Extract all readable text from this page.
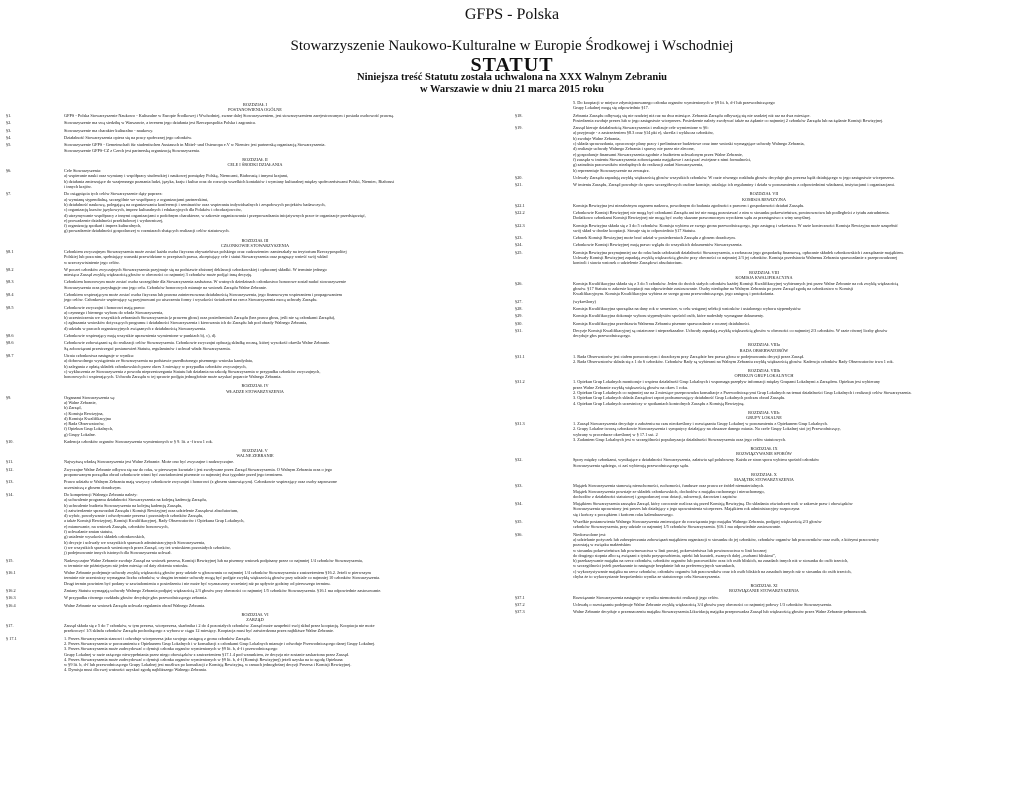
GFPS - Polska
Stowarzyszenie Naukowo-Kulturalne w Europie Środkowej i Wschodniej
STATUT
Niniejsza treść Statutu została uchwalona na XXX Walnym Zebraniu
w Warszawie w dniu 21 marca 2015 roku
ROZDZIAŁ I
POSTANOWIENIA OGÓLNE
§1.	GFPS - Polska Stowarzyszenie Naukowo - Kulturalne w Europie Środkowej i Wschodniej, zwane dalej Stowarzyszeniem, jest stowarzyszeniem zarejestrowanym i posiada osobowość prawną.
§2.	Stowarzyszenie ma swą siedzibę w Warszawie, a terenem jego działania jest Rzeczpospolita Polska i zagranica.
§3.	Stowarzyszenie ma charakter kulturalno - naukowy.
§4.	Działalność Stowarzyszenia opiera się na pracy społecznej jego członków.
§5.	Stowarzyszenie GFPS - Gemeinschaft für studentischen Austausch in Mittel- und Osteuropa e.V w Niemiec jest partnerską organizacją Stowarzyszenia.
Stowarzyszenie GFPS-CZ z Czech jest partnerską organizacją Stowarzyszenia.
ROZDZIAŁ II
CELE I ŚRODKI DZIAŁANIA
§6.	Cele Stowarzyszenia:
a) wspieranie nauki oraz wymiany i współpracy studenckiej i naukowej pomiędzy Polską, Niemcami, Białorusią i innymi krajami,
b) działania zmierzające do wzajemnego poznania ludzi, języka, kraju i kultur oraz do rozwoju wszelkich kontaktów i wymiany kulturalnej między społeczeństwami Polski, Niemiec, Białorusi
i innych krajów.
§7.	Do osiągnięcia tych celów Stowarzyszenie dąży poprzez:
a) wymianę stypendialną, szczególnie we współpracy z organizacjami partnerskimi,
b) działalność naukową, polegającą na organizowaniu konferencji i seminariów oraz wspieraniu indywidualnych i zespołowych projektów badawczych,
c) organizację kursów językowych, imprez kulturalnych i edukacyjnych dla Polaków i obcokrajowców,
d) utrzymywanie współpracy z innymi organizacjami o podobnym charakterze, w zakresie organizowania i przeprowadzania inicjatywnych prace te organizacje przedsięwzięć,
e) prowadzenie działalności przekładowej i wydawniczej,
f) organizację spotkań i imprez kulturalnych,
g) prowadzenie działalności gospodarczej w rozmiarach służących realizacji celów statutowych.
ROZDZIAŁ III
CZŁONKOWIE STOWARZYSZENIA
§8.1	Członkiem zwyczajnym Stowarzyszenia może zostać każda osoba fizyczna obywatelstwa polskiego oraz cudzoziemiec zamieszkały na terytorium Rzeczypospolitej
Polskiej lub poza nim, spełniający warunki przewidziane w przepisach prawa, akceptujący cele i statut Stowarzyszenia oraz pragnący wnieść swój wkład
w urzeczywistnienie jego celów.
§8.2	W poczet członków zwyczajnych Stowarzyszenia przyjmuje się na podstawie złożonej deklaracji członkowskiej i opłaconej składki. W terminie jednego
miesiąca Zarząd zwykłą większością głosów w obecności co najmniej 3 członków może podjąć inną decyzję.
§8.3	Członkiem honorowym może zostać osoba szczególnie dla Stowarzyszenia zasłużona. W ważnych dziedzinach członkostwo honorowe został nadać stowarzyszenie
Stowarzyszenia oraz przysługuje ono jego celu. Członków honorowych mianuje na wniosek Zarządu Walne Zebranie.
§8.4	Członkiem wspierającym może zostać osoba fizyczna lub prawna zainteresowana działalnością Stowarzyszenia, jego finansowym wspieraniem i propagowaniem
jego celów. Członkowie wspierający są przyjmowani po uiszczeniu formy i wysokości świadczeń na rzecz Stowarzyszenia mocą uchwały Zarządu.
§8.5	Członkowie zwyczajni i honorowi mają prawo:
a) czynnego i biernego wyboru do władz Stowarzyszenia,
b) uczestniczenia we wszystkich zebraniach Stowarzyszenia (z prawem głosu) oraz posiedzeniach Zarządu (bez prawa głosu, jeśli nie są członkami Zarządu),
c) zgłaszania wniosków dotyczących programu i działalności Stowarzyszenia i kierowania ich do Zarządu lub pod obrady Walnego Zebrania,
d) udziału w pracach organizacyjnych związanych z działalnością Stowarzyszenia.
§8.6	Członkowie wspierający mają wszystkie uprawnienia wymienione w punktach b), c), d).
§8.6	Członkowie zobowiązani są do realizacji celów Stowarzyszenia. Członkowie zwyczajni opłacają składkę roczną, której wysokość określa Walne Zebranie.
Są zobowiązani przestrzegać postanowień Statutu, regulaminów i uchwał władz Stowarzyszenia.
§8.7	Utrata członkostwa następuje w wyniku:
a) dobrowolnego wystąpienia ze Stowarzyszenia na podstawie przedłożonego pisemnego wniosku kandydata,
b) zalegania z opłatą składek członkowskich przez okres 3 miesięcy w przypadku członków zwyczajnych,
c) wykluczenia ze Stowarzyszenia z powodu nieprzestrzegania Statutu lub działania na szkodę Stowarzyszenia w przypadku członków zwyczajnych,
honorowych i wspierających. Uchwała Zarządu w tej sprawie podjęta jednogłośnie może uzyskać poparcie Walnego Zebrania.
ROZDZIAŁ IV
WŁADZE STOWARZYSZENIA
§9.	Organami Stowarzyszenia są:
a) Walne Zebranie,
b) Zarząd,
c) Komisja Rewizyjna,
d) Komisja Kwalifikacyjna
e) Rada Obserwatorów,
f) Opiekun Grup Lokalnych,
g) Grupy Lokalne.
§10.	Kadencja członków organów Stowarzyszenia wymienionych w § 9. lit. a -f trwa 1 rok.
ROZDZIAŁ V
WALNE ZEBRANIE
§11.	Najwyższą władzą Stowarzyszenia jest Walne Zebranie. Może ono być zwyczajne i nadzwyczajne.
§12.	Zwyczajne Walne Zebranie odbywa się raz do roku, w pierwszym kwartale i jest zwoływane przez Zarząd Stowarzyszenia. O Walnym Zebraniu oraz o jego
proponowanym porządku obrad członkowie winni być zawiadomieni pisemnie co najmniej dwa tygodnie przed jego terminem.
§13.	Prawo udziału w Walnym Zebraniu mają wszyscy członkowie zwyczajni i honorowi (z głosem stanowiącym). Członkowie wspierający oraz osoby zaproszone
uczestniczą z głosem doradczym.
§14.	Do kompetencji Walnego Zebrania należy:
a) uchwalenie programu działalności Stowarzyszenia na kolejną kadencję Zarządu,
b) uchwalenie budżetu Stowarzyszenia na kolejną kadencję Zarządu,
c) zatwierdzenie sprawozdań Zarządu i Komisji Rewizyjnej oraz udzielenie Zarządowi absolutorium,
d) wybór, powoływanie i odwoływanie prezesa i pozostałych członków Zarządu,
a także Komisji Rewizyjnej, Komisji Kwalifikacyjnej, Rady Obserwatorów i Opiekuna Grup Lokalnych,
e) mianowanie, na wniosek Zarządu, członków honorowych,
f) uchwalanie zmian statutu,
g) ustalenie wysokości składek członkowskich,
h) decyzje i uchwały we wszystkich sprawach administracyjnych Stowarzyszenia,
i) we wszystkich sprawach wniesionych przez Zarząd, czy też wnioskiem pozostałych członków,
j) podejmowanie innych istotnych dla Stowarzyszenia uchwał.
§15.	Nadzwyczajne Walne Zebranie zwołuje Zarząd na wniosek prezesa, Komisji Rewizyjnej lub na pisemny wniosek podpisany przez co najmniej 1/4 członków Stowarzyszenia,
w terminie nie późniejszym niż jeden miesiąc od daty złożenia wniosku.
§16.1	Walne Zebranie podejmuje uchwały zwykłą większością głosów przy udziale w głosowaniu co najmniej 1/4 członków Stowarzyszenia z zastrzeżeniem §16.2. Jeżeli w pierwszym
terminie nie uczestniczy wymagana liczba członków, w drugim terminie uchwały mogą być podjęte zwykłą większością głosów przy udziale co najmniej 10 członków Stowarzyszenia.
Drugi termin powinien być podany w zawiadomieniu o posiedzeniu i nie może być wyznaczony wcześniej niż po upływie godziny od pierwszego terminu.
§16.2	Zmiany Statutu wymagają uchwały Walnego Zebrania podjętej większością 2/3 głosów przy obecności co najmniej 1/5 członków Stowarzyszenia. §16.1 ma odpowiednie zastosowanie.
§16.3	W przypadku równego rozkładu głosów decyduje głos przewodniczącego zebrania.
§16.4	Walne Zebranie na wniosek Zarządu uchwala regulamin obrad Walnego Zebrania.
ROZDZIAŁ VI
ZARZĄD
§17.	Zarząd składa się z 5 do 7 członków, w tym prezesa, wiceprezesa, skarbnika i 2 do 4 pozostałych członków. Zarząd może uzupełnić swój skład przez kooptację. Kooptacja nie może
przekroczyć 1/3 składu członków Zarządu pochodzącego z wyboru w ciągu 12 miesięcy. Kooptacja musi być zatwierdzona przez najbliższe Walne Zebranie.
§ 17.1	1. Prezes Stowarzyszenia stanowi i odwołuje wiceprezesa jako swojego zastępcę z grona członków Zarządu.
2. Prezes Stowarzyszenia w porozumieniu z Opiekunem Grup Lokalnych i w konsultacji z członkami Grup Lokalnych mianuje i odwołuje Przewodniczącego danej Grupy Lokalnej.
3. Prezes Stowarzyszenia może zadecydować o dymisji członka organów wymienionych w §9 lit. b, d-f i przewodniczącego
Grupy Lokalnej w razie rażącego niewypełniania przez niego obowiązków z zastrzeżeniem §17.1.4 pod warunkiem, że decyzja nie zostanie zaskarżona przez Zarząd.
4. Prezes Stowarzyszenia może zadecydować o dymisji członka organów wymienionych w §9 lit. b, d-f (Komisji Rewizyjnej) jeżeli uzyska na to zgodę Opiekuna
w §9 lit. b, d-f lub przewodniczącego Grupy Lokalnej jest możliwa po konsultacji z Komisją Rewizyjną, w ramach jednogłośnej decyzji Prezesa i Komisji Rewizyjnej.
4. Dymisja musi dla swej ważności uzyskać zgodę najbliższego Walnego Zebrania.
5. Do kooptacji w miejsce zdymisjonowanego członka organów wymienionych w §9 lit. b, d-f lub przewodniczącego
Grupy Lokalnej mogą się odpowiednio §17.
§18.	Zebrania Zarządu odbywają się nie rzadziej niż raz na dwa miesiące. Zebrania Zarządu odbywają się nie rzadziej niż raz na dwa miesiące.
Posiedzenia zwołuje prezes lub w jego zastępstwie wiceprezes. Posiedzenie należy zwoływać także na żądanie co najmniej 2 członków Zarządu lub na żądanie Komisji Rewizyjnej.
§19.	Zarząd kieruje działalnością Stowarzyszenia i realizuje cele wymienione w §6:
a) przyjmuje - z zastrzeżeniem §8.3 oraz §14 pkt e), skreśla i wyklucza członków,
b) zwołuje Walne Zebrania,
c) składa sprawozdania, opracowuje plany pracy i preliminarze budżetowe oraz inne wnioski wymagające uchwały Walnego Zebrania,
d) realizuje uchwały Walnego Zebrania i sprawy nie przez nie zlecone,
e) gospodaruje finansami Stowarzyszenia zgodnie z budżetem uchwalonym przez Walne Zebranie,
f) zarząda w imieniu Stowarzyszenia zobowiązania majątkowe i zaciąwać zwiejane z nimi formalności,
g) zatrudnia pracowników niezbędnych do realizacji zadań Stowarzyszenia,
h) reprezentuje Stowarzyszenie na zewnątrz.
§20.	Uchwały Zarządu zapadają zwykłą większością głosów wszystkich członków. W razie równego rozkładu głosów decyduje głos prezesa bądź działającego w jego zastępstwie wiceprezesa.
§21.	W imieniu Zarządu, Zarząd powołuje do spraw szczegółowych osobne komisje, ustalając ich regulaminy i działa w porozumieniu z odpowiednimi władzami, instytucjami i organizacjami.
ROZDZIAŁ VII
KOMISJA REWIZYJNA
§22.1	Komisja Rewizyjna jest niezależnym organem nadzoru, powołanym do badania zgodności z prawem i gospodarności działań Zarządu.
§22.2	Członkowie Komisji Rewizyjnej nie mogą być członkami Zarządu ani też nie mogą pozostawać z nim w stosunku pokrewieństwa, powinowactwa lub podległości z tytułu zatrudnienia.
Dodatkowo członkami Komisji Rewizyjnej nie mogą być osoby skazane prawomocnym wyrokiem sądu za przestępstwo z winy umyślnej.
§22.3	Komisja Rewizyjna składa się z 3 do 5 członków. Komisja wybiera ze swego grona przewodniczącego, jego zastępcę i sekretarza. W razie konieczności Komisja Rewizyjna może uzupełnić
swój skład w drodze kooptacji. Stosuje się to odpowiednio §17 Statutu.
§23.	Członek Komisji Rewizyjnej może brać udział w posiedzeniach Zarządu z głosem doradczym.
§24.	Członkowie Komisji Rewizyjnej mają prawo wglądu do wszystkich dokumentów Stowarzyszenia.
§25.	Komisja Rewizyjna przynajmniej raz do roku bada całokształt działalności Stowarzyszenia, a zwłaszcza jego gospodarkę finansową, opłacanie składek członkowskich i zarządzanie majątkiem.
Uchwały Komisji Rewizyjnej zapadają zwykłą większością głosów przy obecności co najmniej 2/3 jej członków. Komisja przedstawia Walnemu Zebraniu sprawozdanie z przeprowadzonej
kontroli i stawia wniosek o udzielenie Zarządowi absolutorium.
ROZDZIAŁ VIII
KOMISJA KWALIFIKACYJNA
§26.	Komisja Kwalifikacyjna składa się z 3 do 5 członków. Jeden do dwóch stałych członków każdej Komisji Kwalifikacyjnej wybieranych jest przez Walne Zebranie na rok zwykłą większością
głosów. §17 Statutu w zakresie kooptacji ma odpowiednie zastosowanie. Osoby niezbędne na Walnym Zebraniu po przez Zarząd zgodę na członkostwo w Komisji
Kwalifikacyjnym. Komisja Kwalifikacyjna wybiera ze swego grona przewodniczącego, jego zastępcę i protokolanta.
§27.	(wykreślony)
§28.	Komisja Kwalifikacyjna sporządza na dany rok w semestrze, w celu wstępnej selekcji wniosków i ustalonego wyboru stypendystów.
§29.	Komisja Kwalifikacyjna dokonuje wyboru stypendystów spośród osób, które nadesłały wymagane dokumenty.
§30.	Komisja Kwalifikacyjna przedstawia Walnemu Zebraniu pisemne sprawozdanie z rocznej działalności.
§31.	Decyzje Komisji Kwalifikacyjnej są ostateczne i nieprzekazalne. Uchwały zapadają zwykłą większością głosów w obecności co najmniej 2/3 członków. W razie równej liczby głosów
decyduje głos przewodniczącego.
ROZDZIAŁ VIIIa
RADA OBSERWATORÓW
§31.1	1. Rada Obserwatorów jest ciałem pomocniczym i doradczym przy Zarządzie bez prawa głosu w podejmowaniu decyzji przez Zarząd.
2. Rada Obserwatorów składa się z 1 do 6 członków. Członków Rady są wybierani na Walnym Zebraniu zwykłą większością głosów. Kadencja członków Rady Obserwatorów trwa 1 rok.
ROZDZIAŁ VIIIb
OPIEKUN GRUP LOKALNYCH
§31.2	1. Opiekun Grup Lokalnych monitoruje i wspiera działalność Grup Lokalnych i wspomaga przepływ informacji między Grupami Lokalnymi a Zarządem. Opiekun jest wybierany
przez Walne Zebranie zwykłą większością głosów na okres 1 roku.
2. Opiekun Grup Lokalnych co najmniej raz na 2 miesiące przeprowadza konsultacje z Przewodniczącymi Grup Lokalnych na temat działalności Grup Lokalnych i realizacji celów Stowarzyszenia.
3. Opiekun Grup Lokalnych składa Zarządowi raport podsumowujący działalność Grup Lokalnych podczas obrad Zarządu.
4. Opiekun Grup Lokalnych uczestniczy w spotkaniach kontrolnych Zarządu z Komisją Rewizyjną.
ROZDZIAŁ VIIIc
GRUPY LOKALNE
§31.3	1. Zarząd Stowarzyszenia decyduje o założeniu na czas nieokreślony i rozwiązaniu Grupy Lokalnej w porozumieniu z Opiekunem Grup Lokalnych.
2. Grupy Lokalne tworzą członkowie Stowarzyszenia i sympatycy działający na obszarze danego miasta. Na czele Grupy Lokalnej stoi jej Przewodniczący,
wybrany w procedurze określonej w § 17.1 ust. 2
3. Zadaniem Grup Lokalnych jest w szczególności popularyzacja działalności Stowarzyszenia oraz jego celów statutowych.
ROZDZIAŁ IX
ROZWIĄZYWANIE SPORÓW
§32.	Spory między członkami, wynikające z działalności Stowarzyszenia, załatwia sąd polubowny. Każda ze stron sporu wybiera spośród członków
Stowarzyszenia sędziego, ci zaś wybierają przewodniczącego sądu.
ROZDZIAŁ X
MAJĄTEK STOWARZYSZENIA
§33.	Majątek Stowarzyszenia stanowią nieruchomości, ruchomości, fundusze oraz prawa ze źródeł niematerialnych.
Majątek Stowarzyszenia powstaje ze składek członkowskich, dochodów z majątku ruchomego i nieruchomego,
dochodów z działalności statutowej i gospodarczej oraz dotacji, subwencji, darowizn i zapisów.
§34.	Majątkiem Stowarzyszenia zarządza Zarząd, który corocznie rozlicza się przed Komisją Rewizyjną. Do składania oświadczeń woli w zakresie praw i obowiązków
Stowarzyszenia uprawniony jest prezes lub działający z jego upoważnienia wiceprezes. Majątkiem rok administracyjny rozpoczyna
się i kończy z początkiem i końcem roku kalendarzowego.
§35.	Wszelkie postanowienia Walnego Stowarzyszenia zmierzające do rozwiązania jego majątku Walnego Zebrania, podjętej większością 2/3 głosów
członków Stowarzyszenia, przy udziale co najmniej 1/5 członków Stowarzyszenia. §16.1 ma odpowiednie zastosowanie.
§36.	Niedozwolone jest:
a) udzielanie pożyczek lub zabezpieczania zobowiązań majątkiem organizacji w stosunku do jej członków, członków organów lub pracowników oraz osób, z którymi pracownicy
pozostają w związku małżeńskim
w stosunku pokrewieństwa lub powinowactwa w linii prostej, pokrewieństwa lub powinowactwa w linii bocznej
do drugiego stopnia albo są związani z tytułu przysposobienia, opieki lub kurateli, zwanych dalej „osobami bliskimi”,
b) przekazywanie majątku na rzecz członków, członków organów lub pracowników oraz ich osób bliskich, na zasadach innych niż w stosunku do osób trzecich,
w szczególności jeżeli przekazanie to następuje bezpłatnie lub na preferencyjnych warunkach,
c) wykorzystywanie majątku na rzecz członków, członków organów lub pracowników oraz ich osób bliskich na zasadach innych niż w stosunku do osób trzecich,
chyba że to wykorzystanie bezpośrednio wynika ze statutowego celu Stowarzyszenia.
ROZDZIAŁ XI
ROZWIĄZANIE STOWARZYSZENIA
§37.1	Rozwiązanie Stowarzyszenia następuje w wyniku niemożności realizacji jego celów.
§37.2	Uchwałę o rozwiązaniu podejmuje Walne Zebranie zwykłą większością 3/4 głosów przy obecności co najmniej połowy 1/3 członków Stowarzyszenia.
§37.3	Walne Zebranie decyduje o przeznaczeniu majątku Stowarzyszenia.Likwidację majątku przeprowadza Zarząd lub większością głosów przez Walne Zebranie pełnomocnik.
